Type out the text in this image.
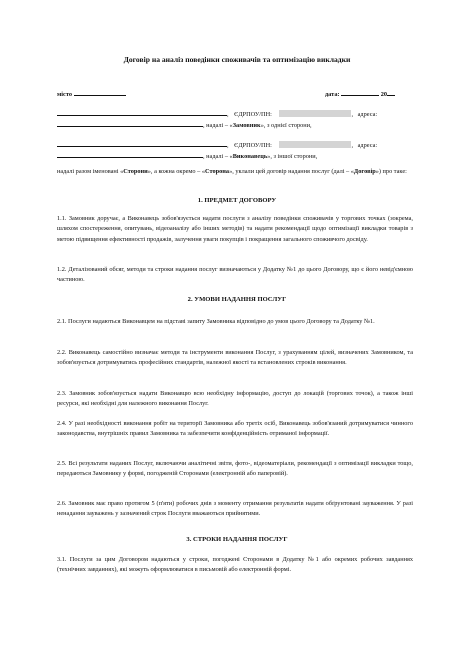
Договір на аналіз поведінки споживачів та оптимізацію викладки
місто	дата:	20
, ЄДРПОУ/ПН:	, адреса:
, надалі – «Замовник», з однієї сторони,
, ЄДРПОУ/ПН:	, адреса:
, надалі – «Виконавець», з іншої сторони,
надалі разом іменовані «Сторони», а кожна окремо – «Сторона», уклали цей договір надання послуг (далі – «Договір») про таке:
1. ПРЕДМЕТ ДОГОВОРУ
1.1. Замовник доручає, а Виконавець зобов'язується надати послуги з аналізу поведінки споживачів у торгових точках (зокрема, шляхом спостереження, опитувань, відеоаналізу або інших методів) та надати рекомендації щодо оптимізації викладки товарів з метою підвищення ефективності продажів, залучення уваги покупців і покращення загального споживчого досвіду.
1.2. Деталізований обсяг, методи та строки надання послуг визначаються у Додатку №1 до цього Договору, що є його невід'ємною частиною.
2. УМОВИ НАДАННЯ ПОСЛУГ
2.1. Послуги надаються Виконавцем на підставі запиту Замовника відповідно до умов цього Договору та Додатку №1.
2.2. Виконавець самостійно визначає методи та інструменти виконання Послуг, з урахуванням цілей, визначених Замовником, та зобов'язується дотримуватись професійних стандартів, належної якості та встановлених строків виконання.
2.3. Замовник зобов'язується надати Виконавцю всю необхідну інформацію, доступ до локацій (торгових точок), а також інші ресурси, які необхідні для належного виконання Послуг.
2.4. У разі необхідності виконання робіт на території Замовника або третіх осіб, Виконавець зобов'язаний дотримуватися чинного законодавства, внутрішніх правил Замовника та забезпечити конфіденційність отриманої інформації.
2.5. Всі результати наданих Послуг, включаючи аналітичні звіти, фото-, відеоматеріали, рекомендації з оптимізації викладки тощо, передаються Замовнику у формі, погодженій Сторонами (електронній або паперовій).
2.6. Замовник має право протягом 5 (п'яти) робочих днів з моменту отримання результатів надати обґрунтовані зауваження. У разі ненадання зауважень у зазначений строк Послуги вважаються прийнятими.
3. СТРОКИ НАДАННЯ ПОСЛУГ
3.1. Послуги за цим Договором надаються у строки, погоджені Сторонами в Додатку №1 або окремих робочих завданнях (технічних завданнях), які можуть оформлюватися в письмовій або електронній формі.
